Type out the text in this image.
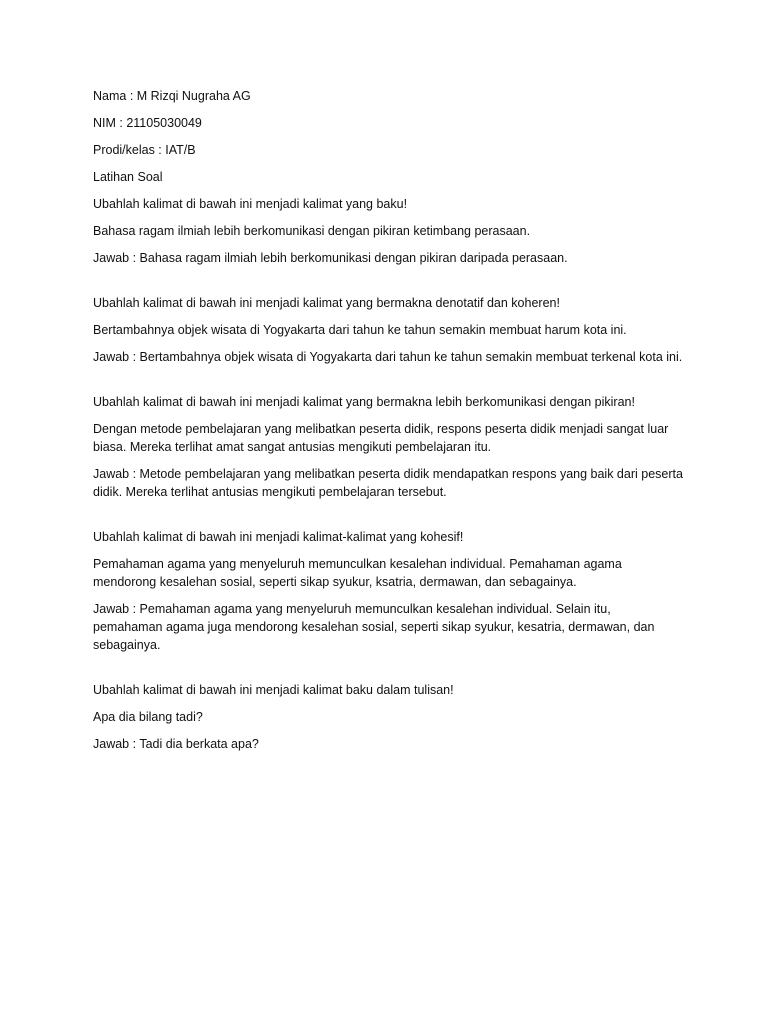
Nama : M Rizqi Nugraha AG

NIM : 21105030049

Prodi/kelas : IAT/B

Latihan Soal

Ubahlah kalimat di bawah ini menjadi kalimat yang baku!

Bahasa ragam ilmiah lebih berkomunikasi dengan pikiran ketimbang perasaan.

Jawab : Bahasa ragam ilmiah lebih berkomunikasi dengan pikiran daripada perasaan.

Ubahlah kalimat di bawah ini menjadi kalimat yang bermakna denotatif dan koheren!

Bertambahnya objek wisata di Yogyakarta dari tahun ke tahun semakin membuat harum kota ini.

Jawab : Bertambahnya objek wisata di Yogyakarta dari tahun ke tahun semakin membuat terkenal kota ini.

Ubahlah kalimat di bawah ini menjadi kalimat yang bermakna lebih berkomunikasi dengan pikiran!

Dengan metode pembelajaran yang melibatkan peserta didik, respons peserta didik menjadi sangat luar biasa. Mereka terlihat amat sangat antusias mengikuti pembelajaran itu.

Jawab : Metode pembelajaran yang melibatkan peserta didik mendapatkan respons yang baik dari peserta didik. Mereka terlihat antusias mengikuti pembelajaran tersebut.

Ubahlah kalimat di bawah ini menjadi kalimat-kalimat yang kohesif!

Pemahaman agama yang menyeluruh memunculkan kesalehan individual. Pemahaman agama mendorong kesalehan sosial, seperti sikap syukur, ksatria, dermawan, dan sebagainya.

Jawab : Pemahaman agama yang menyeluruh memunculkan kesalehan individual. Selain itu, pemahaman agama juga mendorong kesalehan sosial, seperti sikap syukur, kesatria, dermawan, dan sebagainya.

Ubahlah kalimat di bawah ini menjadi kalimat baku dalam tulisan!

Apa dia bilang tadi?

Jawab : Tadi dia berkata apa?
